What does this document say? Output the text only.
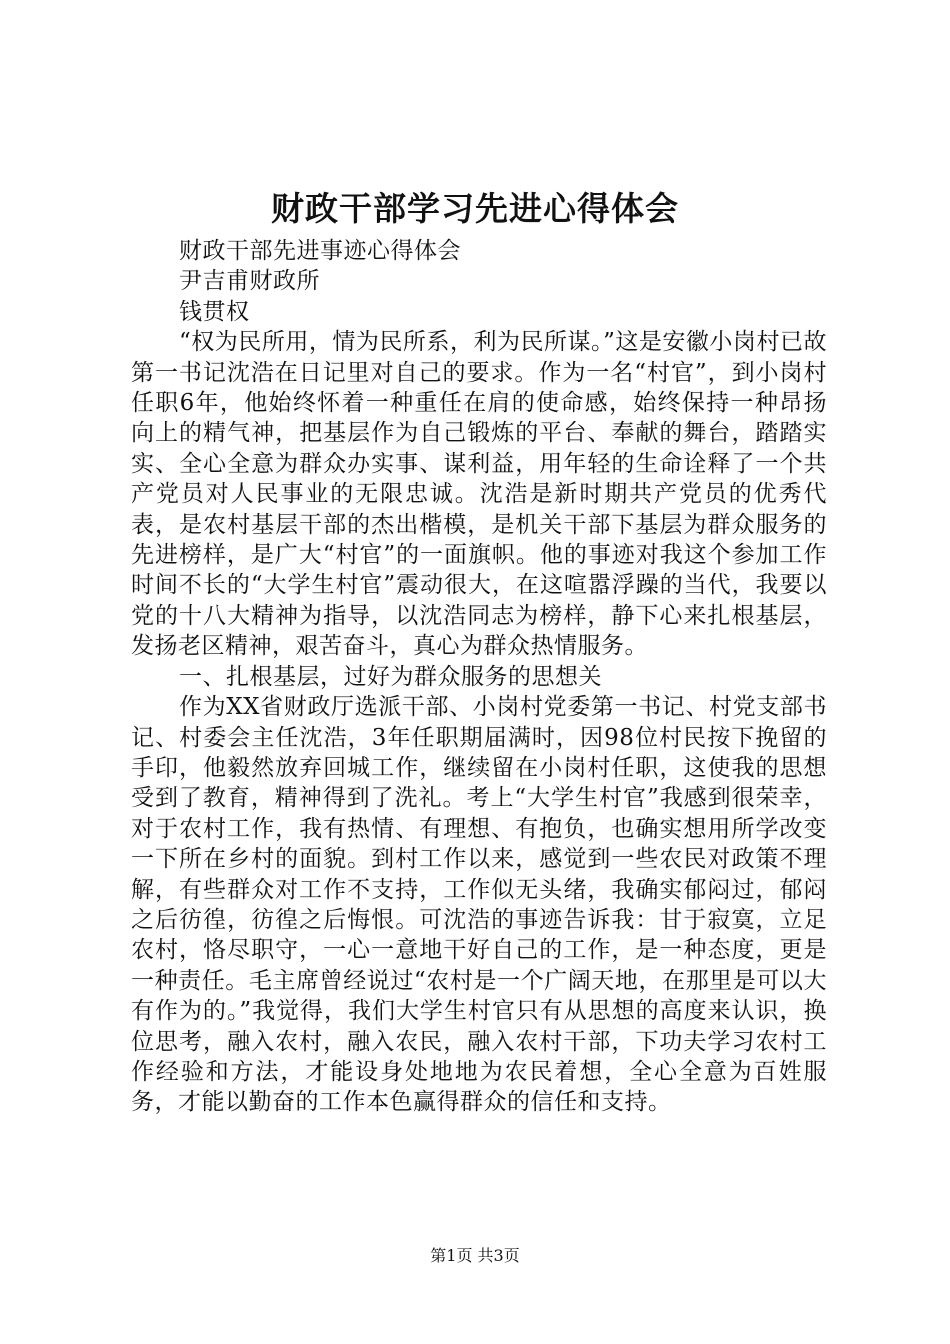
财政干部学习先进心得体会

财政干部先进事迹心得体会

尹吉甫财政所

钱贯权

“权为民所用，情为民所系，利为民所谋。”这是安徽小岗村已故第一书记沈浩在日记里对自己的要求。作为一名“村官”，到小岗村任职6年，他始终怀着一种重任在肩的使命感，始终保持一种昂扬向上的精气神，把基层作为自己锻炼的平台、奉献的舞台，踏踏实实、全心全意为群众办实事、谋利益，用年轻的生命诠释了一个共产党员对人民事业的无限忠诚。沈浩是新时期共产党员的优秀代表，是农村基层干部的杰出楷模，是机关干部下基层为群众服务的先进榜样，是广大“村官”的一面旗帜。他的事迹对我这个参加工作时间不长的“大学生村官”震动很大，在这喧嚣浮躁的当代，我要以党的十八大精神为指导，以沈浩同志为榜样，静下心来扎根基层，发扬老区精神，艰苦奋斗，真心为群众热情服务。

一、扎根基层，过好为群众服务的思想关

作为XX省财政厅选派干部、小岗村党委第一书记、村党支部书记、村委会主任沈浩，3年任职期届满时，因98位村民按下挽留的手印，他毅然放弃回城工作，继续留在小岗村任职，这使我的思想受到了教育，精神得到了洗礼。考上“大学生村官”我感到很荣幸，对于农村工作，我有热情、有理想、有抱负，也确实想用所学改变一下所在乡村的面貌。到村工作以来，感觉到一些农民对政策不理解，有些群众对工作不支持，工作似无头绪，我确实郁闷过，郁闷之后彷徨，彷徨之后悔恨。可沈浩的事迹告诉我：甘于寂寞，立足农村，恪尽职守，一心一意地干好自己的工作，是一种态度，更是一种责任。毛主席曾经说过“农村是一个广阔天地，在那里是可以大有作为的。”我觉得，我们大学生村官只有从思想的高度来认识，换位思考，融入农村，融入农民，融入农村干部，下功夫学习农村工作经验和方法，才能设身处地地为农民着想，全心全意为百姓服务，才能以勤奋的工作本色赢得群众的信任和支持。

第1页 共3页
